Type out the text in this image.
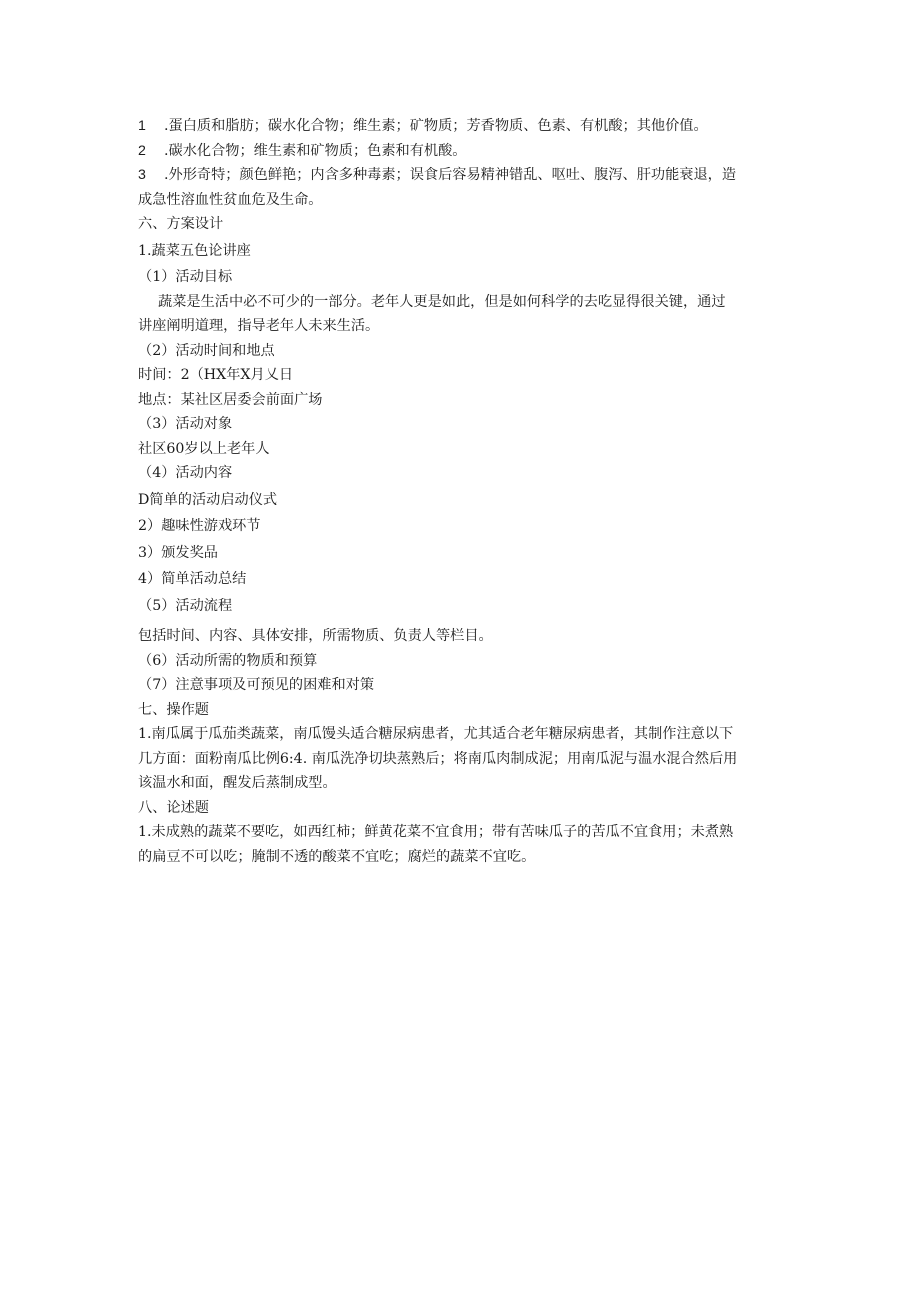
1	.蛋白质和脂肪；碳水化合物；维生素；矿物质；芳香物质、色素、有机酸；其他价值。
2	.碳水化合物；维生素和矿物质；色素和有机酸。
3	.外形奇特；颜色鲜艳；内含多种毒素；误食后容易精神错乱、呕吐、腹泻、肝功能衰退，造
成急性溶血性贫血危及生命。
六、方案设计
1.蔬菜五色论讲座
（1）活动目标
蔬菜是生活中必不可少的一部分。老年人更是如此，但是如何科学的去吃显得很关键，通过
讲座阐明道理，指导老年人未来生活。
（2）活动时间和地点
时间：2（HX年X月乂日
地点：某社区居委会前面广场
（3）活动对象
社区60岁以上老年人
（4）活动内容
D简单的活动启动仪式
2）趣味性游戏环节
3）颁发奖品
4）简单活动总结
（5）活动流程
包括时间、内容、具体安排，所需物质、负责人等栏目。
（6）活动所需的物质和预算
（7）注意事项及可预见的困难和对策
七、操作题
1.南瓜属于瓜茄类蔬菜，南瓜馒头适合糖尿病患者，尤其适合老年糖尿病患者，其制作注意以下
几方面：面粉南瓜比例6:4. 南瓜洗净切块蒸熟后；将南瓜肉制成泥；用南瓜泥与温水混合然后用
该温水和面，醒发后蒸制成型。
八、论述题
1.未成熟的蔬菜不要吃，如西红柿；鲜黄花菜不宜食用；带有苦味瓜子的苦瓜不宜食用；未煮熟
的扁豆不可以吃；腌制不透的酸菜不宜吃；腐烂的蔬菜不宜吃。
